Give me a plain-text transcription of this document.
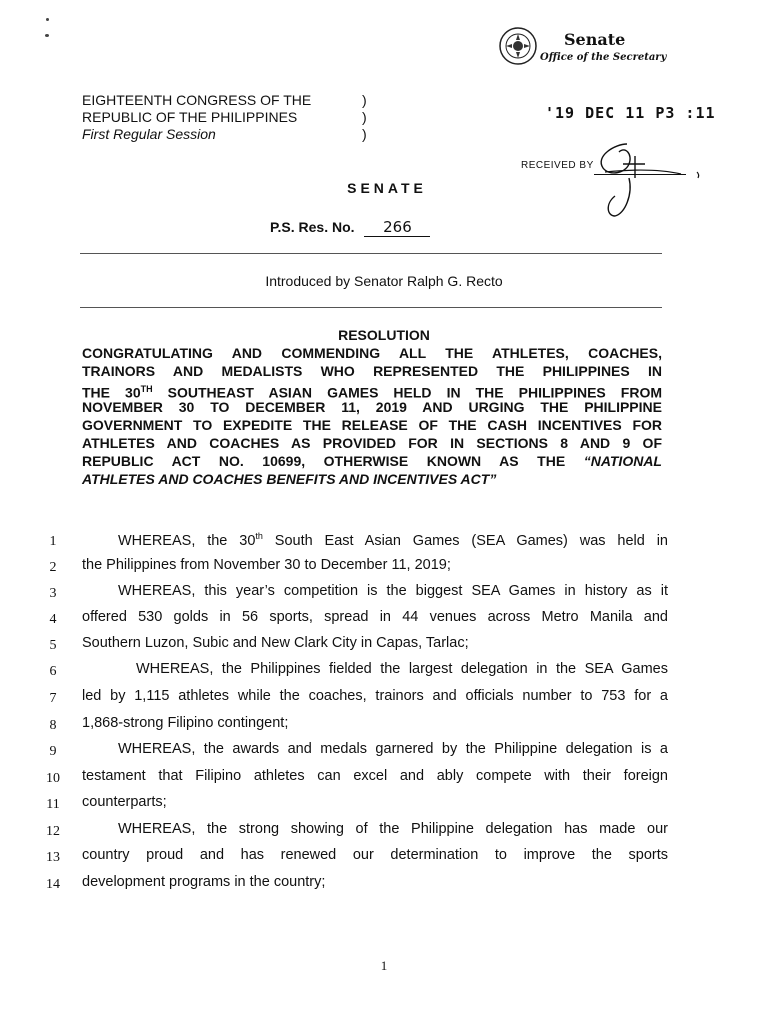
EIGHTEENTH CONGRESS OF THE
REPUBLIC OF THE PHILIPPINES
First Regular Session
)
)
)
Senate
Office of the Secretary
'19 DEC 11 P3 :11
RECEIVED BY
SENATE
P.S. Res. No. 266
Introduced by Senator Ralph G. Recto
RESOLUTION
CONGRATULATING AND COMMENDING ALL THE ATHLETES, COACHES,
TRAINORS AND MEDALISTS WHO REPRESENTED THE PHILIPPINES IN
THE 30TH SOUTHEAST ASIAN GAMES HELD IN THE PHILIPPINES FROM
NOVEMBER 30 TO DECEMBER 11, 2019 AND URGING THE PHILIPPINE
GOVERNMENT TO EXPEDITE THE RELEASE OF THE CASH INCENTIVES FOR
ATHLETES AND COACHES AS PROVIDED FOR IN SECTIONS 8 AND 9 OF
REPUBLIC ACT NO. 10699, OTHERWISE KNOWN AS THE “NATIONAL
ATHLETES AND COACHES BENEFITS AND INCENTIVES ACT”
1
2
3
4
5
6
7
8
9
10
11
12
13
14
WHEREAS, the 30th South East Asian Games (SEA Games) was held in
the Philippines from November 30 to December 11, 2019;
WHEREAS, this year’s competition is the biggest SEA Games in history as it
offered 530 golds in 56 sports, spread in 44 venues across Metro Manila and
Southern Luzon, Subic and New Clark City in Capas, Tarlac;
WHEREAS, the Philippines fielded the largest delegation in the SEA Games
led by 1,115 athletes while the coaches, trainors and officials number to 753 for a
1,868-strong Filipino contingent;
WHEREAS, the awards and medals garnered by the Philippine delegation is a
testament that Filipino athletes can excel and ably compete with their foreign
counterparts;
WHEREAS, the strong showing of the Philippine delegation has made our
country proud and has renewed our determination to improve the sports
development programs in the country;
1
